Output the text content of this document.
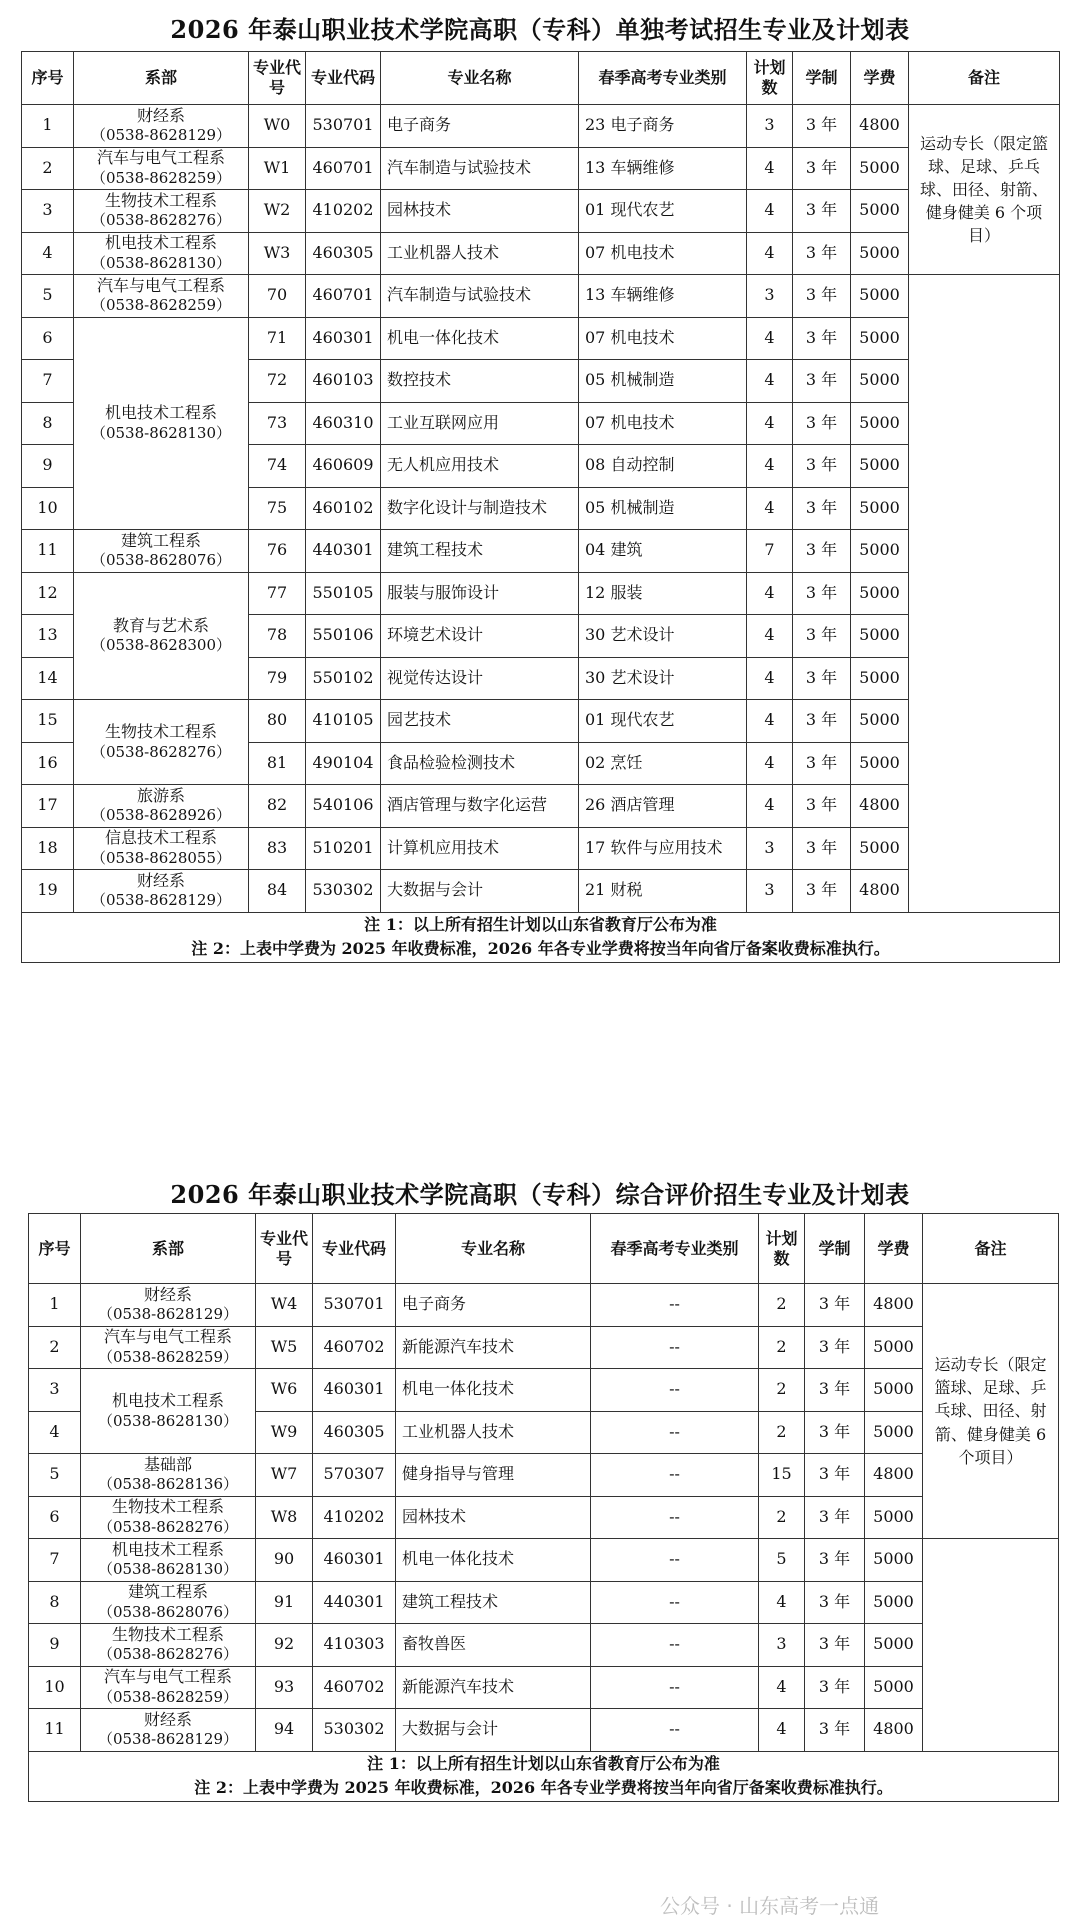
2026 年泰山职业技术学院高职（专科）单独考试招生专业及计划表
序号	系部	专业代号	专业代码	专业名称	春季高考专业类别	计划数	学制	学费	备注
1	财经系
（0538-8628129）	W0	530701	电子商务	23 电子商务	3	3 年	4800	运动专长（限定篮球、足球、乒乓球、田径、射箭、健身健美 6 个项目）
2	汽车与电气工程系
（0538-8628259）	W1	460701	汽车制造与试验技术	13 车辆维修	4	3 年	5000	
3	生物技术工程系
（0538-8628276）	W2	410202	园林技术	01 现代农艺	4	3 年	5000	
4	机电技术工程系
（0538-8628130）	W3	460305	工业机器人技术	07 机电技术	4	3 年	5000	
5	汽车与电气工程系
（0538-8628259）	70	460701	汽车制造与试验技术	13 车辆维修	3	3 年	5000	
6	机电技术工程系
（0538-8628130）	71	460301	机电一体化技术	07 机电技术	4	3 年	5000	
7		72	460103	数控技术	05 机械制造	4	3 年	5000	
8		73	460310	工业互联网应用	07 机电技术	4	3 年	5000	
9		74	460609	无人机应用技术	08 自动控制	4	3 年	5000	
10		75	460102	数字化设计与制造技术	05 机械制造	4	3 年	5000	
11	建筑工程系
（0538-8628076）	76	440301	建筑工程技术	04 建筑	7	3 年	5000	
12	教育与艺术系
（0538-8628300）	77	550105	服装与服饰设计	12 服装	4	3 年	5000	
13		78	550106	环境艺术设计	30 艺术设计	4	3 年	5000	
14		79	550102	视觉传达设计	30 艺术设计	4	3 年	5000	
15	生物技术工程系
（0538-8628276）	80	410105	园艺技术	01 现代农艺	4	3 年	5000	
16		81	490104	食品检验检测技术	02 烹饪	4	3 年	5000	
17	旅游系
（0538-8628926）	82	540106	酒店管理与数字化运营	26 酒店管理	4	3 年	4800	
18	信息技术工程系
（0538-8628055）	83	510201	计算机应用技术	17 软件与应用技术	3	3 年	5000	
19	财经系
（0538-8628129）	84	530302	大数据与会计	21 财税	3	3 年	4800	
注 1：以上所有招生计划以山东省教育厅公布为准									
注 2：上表中学费为 2025 年收费标准，2026 年各专业学费将按当年向省厅备案收费标准执行。									
2026 年泰山职业技术学院高职（专科）综合评价招生专业及计划表
序号	系部	专业代号	专业代码	专业名称	春季高考专业类别	计划数	学制	学费	备注
1	财经系
（0538-8628129）	W4	530701	电子商务	--	2	3 年	4800	运动专长（限定篮球、足球、乒乓球、田径、射箭、健身健美 6 个项目）
2	汽车与电气工程系
（0538-8628259）	W5	460702	新能源汽车技术	--	2	3 年	5000	
3	机电技术工程系
（0538-8628130）	W6	460301	机电一体化技术	--	2	3 年	5000	
4		W9	460305	工业机器人技术	--	2	3 年	5000	
5	基础部
（0538-8628136）	W7	570307	健身指导与管理	--	15	3 年	4800	
6	生物技术工程系
（0538-8628276）	W8	410202	园林技术	--	2	3 年	5000	
7	机电技术工程系
（0538-8628130）	90	460301	机电一体化技术	--	5	3 年	5000	
8	建筑工程系
（0538-8628076）	91	440301	建筑工程技术	--	4	3 年	5000	
9	生物技术工程系
（0538-8628276）	92	410303	畜牧兽医	--	3	3 年	5000	
10	汽车与电气工程系
（0538-8628259）	93	460702	新能源汽车技术	--	4	3 年	5000	
11	财经系
（0538-8628129）	94	530302	大数据与会计	--	4	3 年	4800	
注 1：以上所有招生计划以山东省教育厅公布为准									
注 2：上表中学费为 2025 年收费标准，2026 年各专业学费将按当年向省厅备案收费标准执行。									
公众号 · 山东高考一点通
